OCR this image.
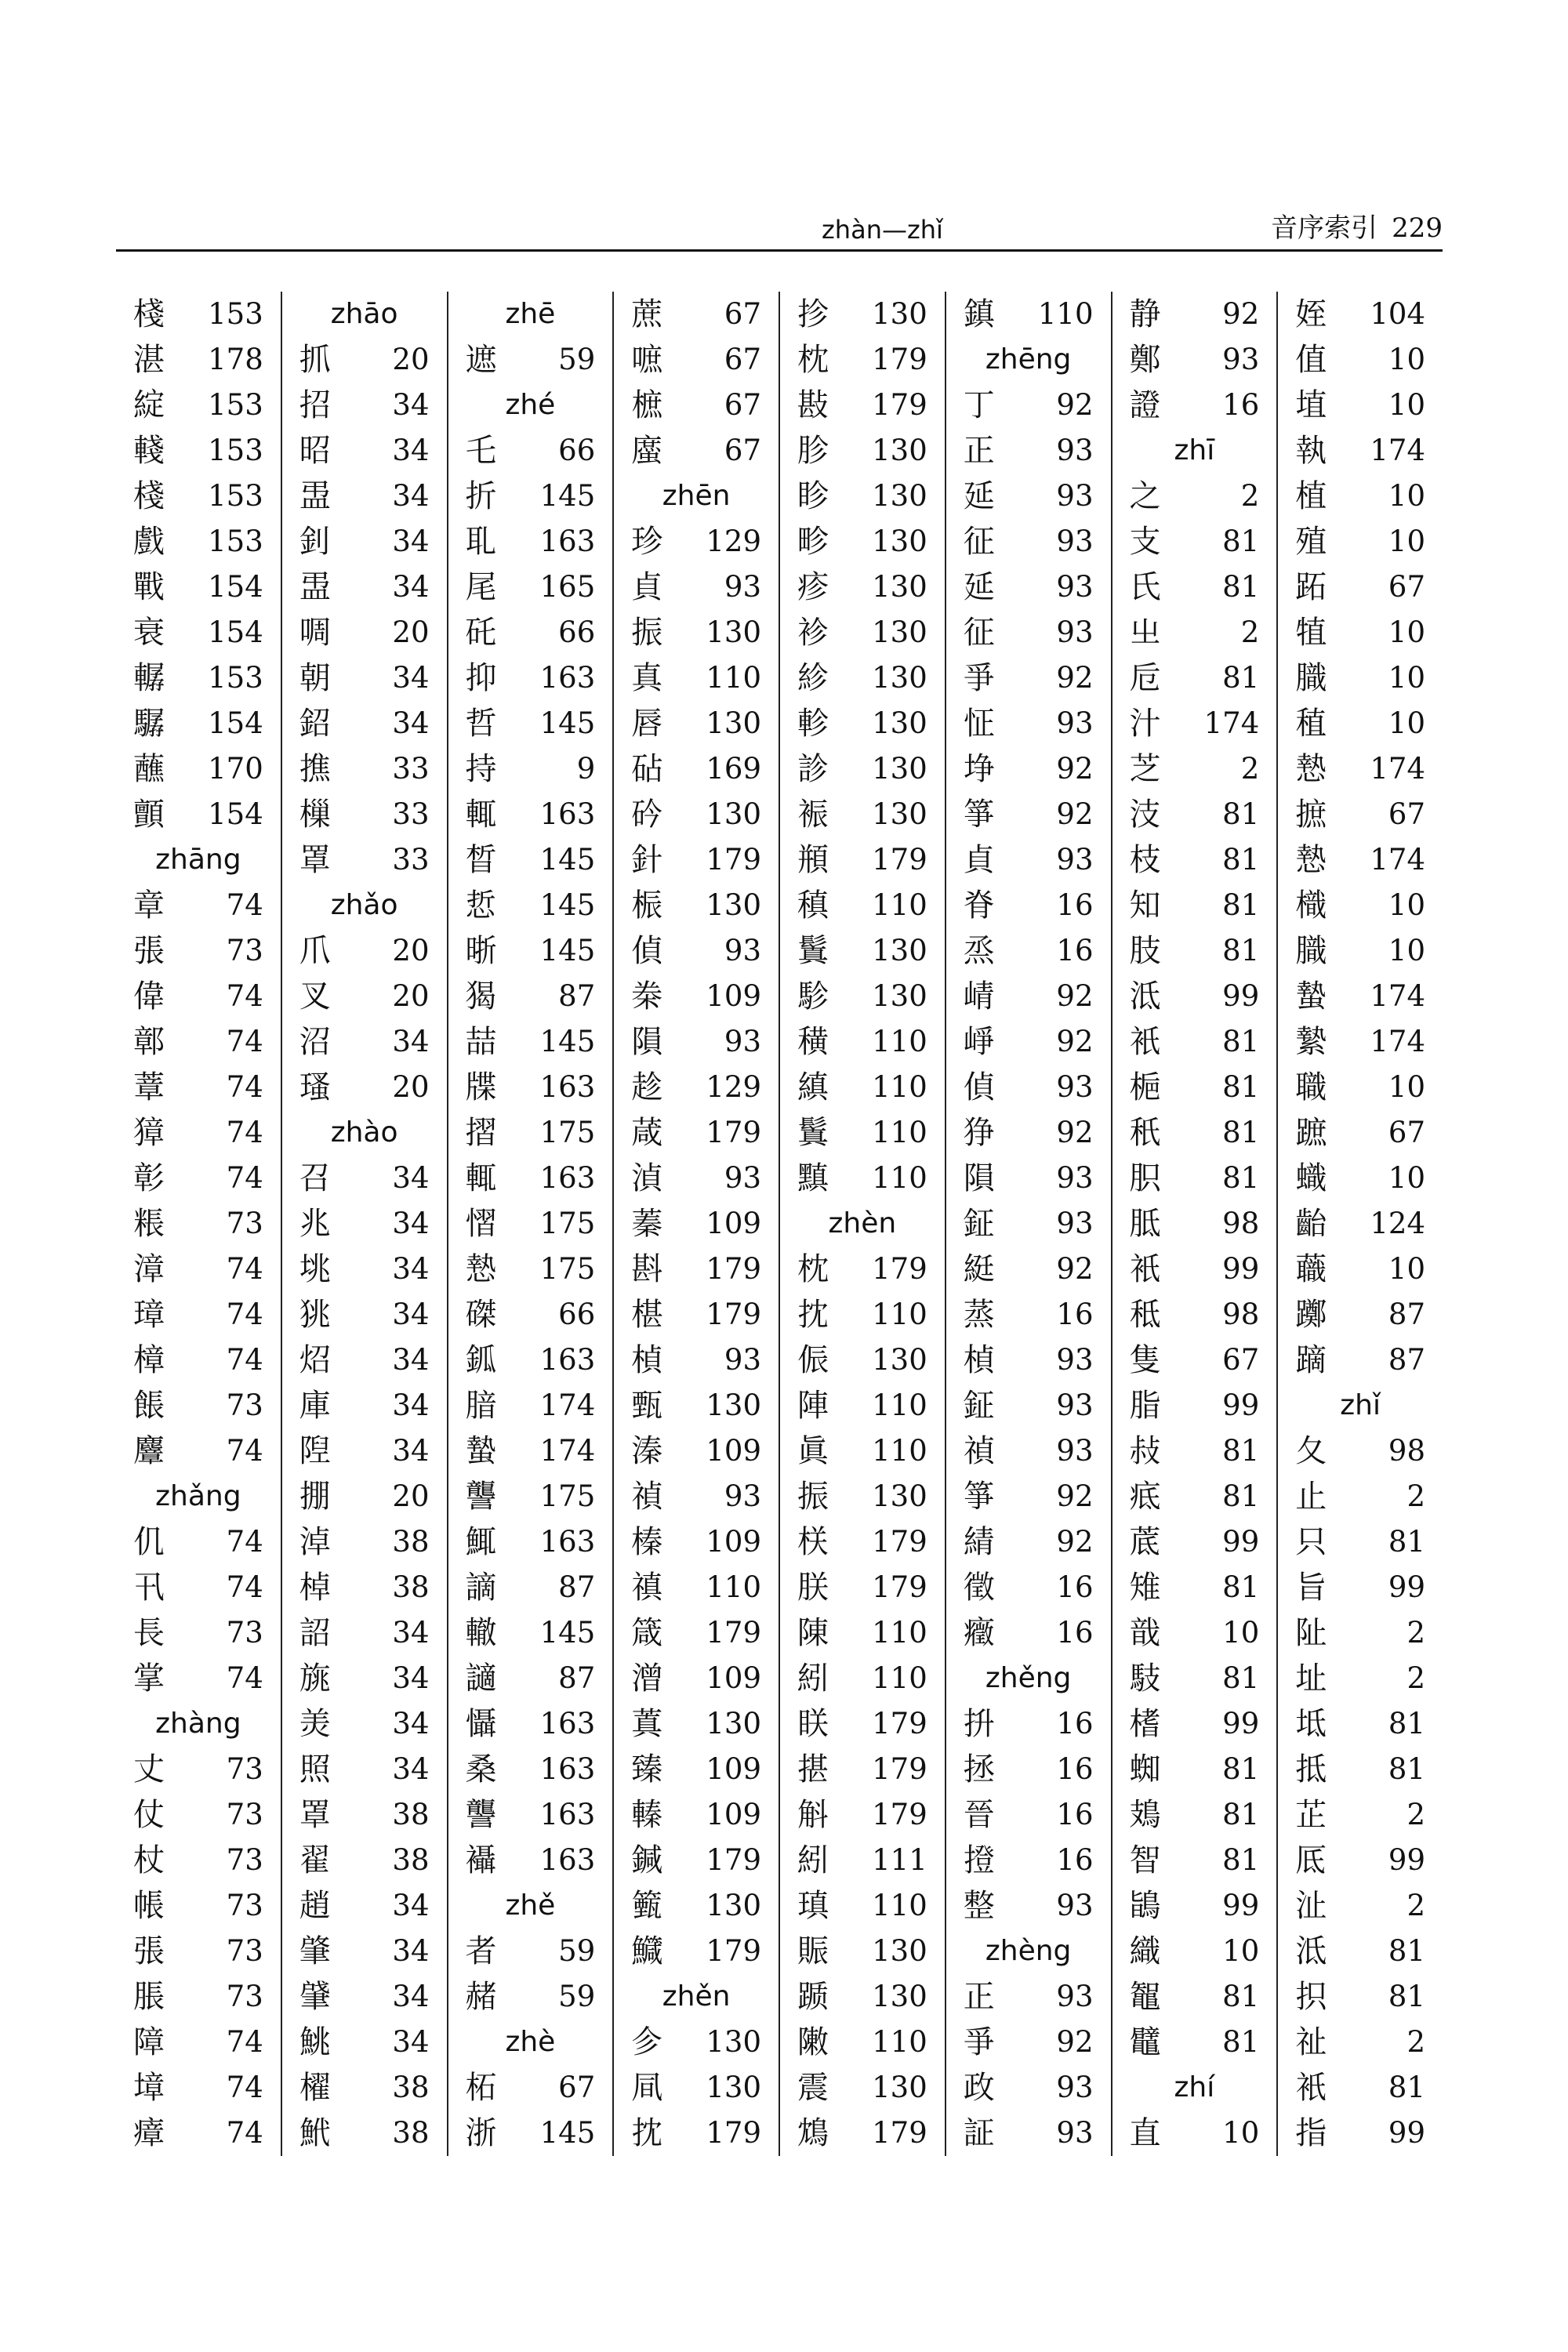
zhàn—zhǐ	音序索引 229
棧 153
湛 178
綻 153
輚 153
棧 153
戲 153
戰 154
衰 154
轏 153
驏 154
蘸 170
顫 154
zhāng
章 74
張 73
偉 74
鄣 74
蔁 74
獐 74
彰 74
粻 73
漳 74
璋 74
樟 74
餦 73
麞 74
zhǎng
仉 74
卂 74
長 73
掌 74
zhàng
丈 73
仗 73
杖 73
帳 73
張 73
脹 73
障 74
墇 74
瘴 74
zhāo
抓 20
招 34
昭 34
盄 34
釗 34
盄 34
啁 20
朝 34
鉊 34
撨 33
樔 33
罩 33
zhǎo
爪 20
叉 20
沼 34
瑵 20
zhào
召 34
兆 34
垗 34
狣 34
炤 34
庫 34
隉 34
掤 20
淖 38
棹 38
詔 34
旐 34
羙 34
照 34
罩 38
翟 38
趙 34
肇 34
肈 34
鮡 34
櫂 38
鮘 38
zhē
遮 59
zhé
乇 66
折 145
耴 163
尾 165
矺 66
抑 163
哲 145
持	9
輒 163
晳 145
悊 145
晣 145
猲 87
喆 145
牒 163
摺 175
輒 163
慴 175
慹 175
磔 66
鈲 163
腤 174
蟄 174
讋 175
鮿 163
謫 87
轍 145
讁 87
懾 163
桑 163
讋 163
襵 163
zhě
者 59
赭 59
zhè
柘 67
浙 145
蔗 67
嗻 67
樜 67
䗪 67
zhēn
珍 129
貞 93
振 130
真 110
唇 130
砧 169
砛 130
針 179
桭 130
偵 93
桊 109
隕 93
趁 129
葴 179
湞 93
蓁 109
斟 179
椹 179
楨 93
甄 130
溱 109
禎 93
榛 109
禛 110
箴 179
潧 109
蒖 130
臻 109
轃 109
鍼 179
籈 130
鱵 179
zhěn
㐱 130
凬 130
抌 179
抮 130
枕 179
㪛 179
胗 130
眕 130
畛 130
疹 130
袗 130
紾 130
軫 130
診 130
裖 130
頩 179
稹 110
鬒 130
駗 130
穔 110
縝 110
鬒 110
黰 110
zhèn
枕 179
抌 110
侲 130
陣 110
眞 110
振 130
栚 179
朕 179
陳 110
紖 110
眹 179
揕 179
斛 179
紖 111
瑱 110
賑 130
踬 130
敶 110
震 130
鴆 179
鎮 110
zhēng
丁 92
正 93
延 93
征 93
延 93
征 93
爭 92
怔 93
埩 92
箏 92
貞 93
脊 16
烝 16
崝 92
崢 92
偵 93
狰 92
隕 93
鉦 93
綎 92
蒸 16
楨 93
鉦 93
禎 93
箏 92
綪 92
徵 16
癥 16
zhěng
抍 16
拯 16
晉 16
撜 16
整 93
zhèng
正 93
爭 92
政 93
証 93
静 92
鄭 93
證 16
zhī
之	2
支 81
氏 81
㞢	2
卮 81
汁 174
芝	2
汥 81
枝 81
知 81
肢 81
泜 99
衹 81
梔 81
秖 81
胑 81
胝 98
衹 99
秪 98
隻 67
脂 99
敊 81
疷 81
菧 99
雉 81
戠 10
馶 81
榰 99
蜘 81
鳷 81
智 81
鴲 99
織 10
鼅 81
鼊 81
zhí
直 10
姪 104
值 10
埴 10
執 174
植 10
殖 10
跖 67
犆 10
膱 10
稙 10
慹 174
摭 67
慹 174
樴 10
膱 10
蟄 174
縶 174
職 10
蹠 67
蟙 10
齝 124
蘵 10
躑 87
蹢 87
zhǐ
夂 98
止	2
只 81
旨 99
阯	2
址	2
坻 81
抵 81
芷	2
厎 99
沚	2
泜 81
抧 81
祉	2
衹 81
指 99
